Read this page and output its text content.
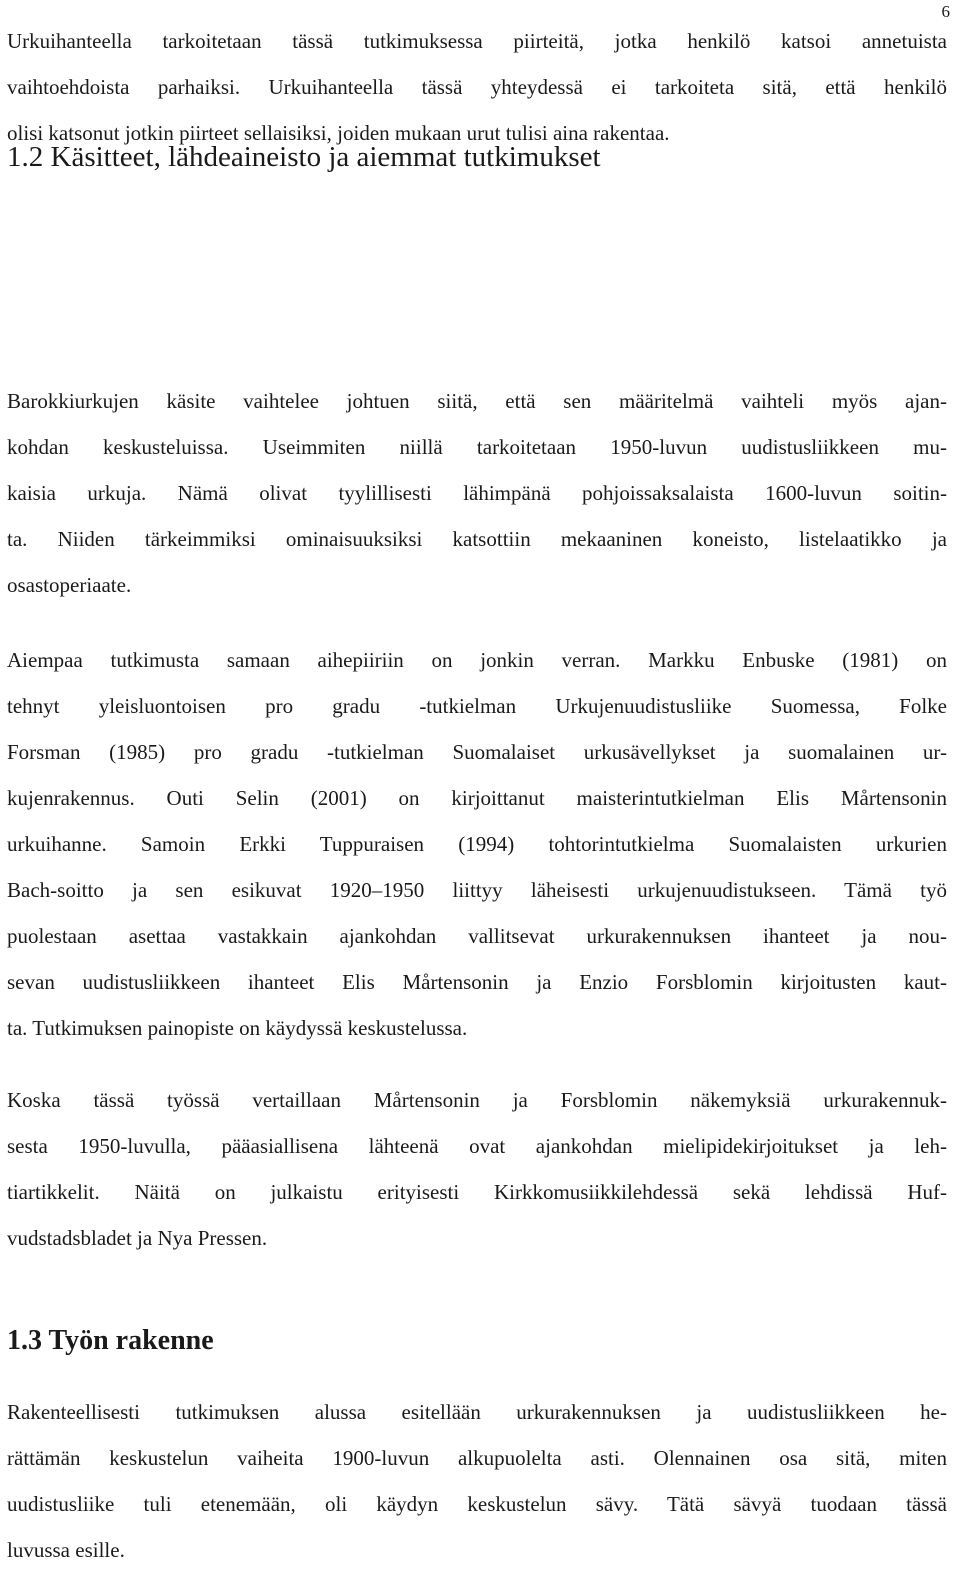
6
1.2 Käsitteet, lähdeaineisto ja aiemmat tutkimukset
Urkuihanteella tarkoitetaan tässä tutkimuksessa piirteitä, jotka henkilö katsoi annetuista
vaihtoehdoista parhaiksi. Urkuihanteella tässä yhteydessä ei tarkoiteta sitä, että henkilö
olisi katsonut jotkin piirteet sellaisiksi, joiden mukaan urut tulisi aina rakentaa.
Barokkiurkujen käsite vaihtelee johtuen siitä, että sen määritelmä vaihteli myös ajan-
kohdan keskusteluissa. Useimmiten niillä tarkoitetaan 1950-luvun uudistusliikkeen mu-
kaisia urkuja. Nämä olivat tyylillisesti lähimpänä pohjoissaksalaista 1600-luvun soitin-
ta. Niiden tärkeimmiksi ominaisuuksiksi katsottiin mekaaninen koneisto, listelaatikko ja
osastoperiaate.
Aiempaa tutkimusta samaan aihepiiriin on jonkin verran. Markku Enbuske (1981) on
tehnyt yleisluontoisen pro gradu -tutkielman Urkujenuudistusliike Suomessa, Folke
Forsman (1985) pro gradu -tutkielman Suomalaiset urkusävellykset ja suomalainen ur-
kujenrakennus. Outi Selin (2001) on kirjoittanut maisterintutkielman Elis Mårtensonin
urkuihanne. Samoin Erkki Tuppuraisen (1994) tohtorintutkielma Suomalaisten urkurien
Bach-soitto ja sen esikuvat 1920–1950 liittyy läheisesti urkujenuudistukseen. Tämä työ
puolestaan asettaa vastakkain ajankohdan vallitsevat urkurakennuksen ihanteet ja nou-
sevan uudistusliikkeen ihanteet Elis Mårtensonin ja Enzio Forsblomin kirjoitusten kaut-
ta. Tutkimuksen painopiste on käydyssä keskustelussa.
Koska tässä työssä vertaillaan Mårtensonin ja Forsblomin näkemyksiä urkurakennuk-
sesta 1950-luvulla, pääasiallisena lähteenä ovat ajankohdan mielipidekirjoitukset ja leh-
tiartikkelit. Näitä on julkaistu erityisesti Kirkkomusiikkilehdessä sekä lehdissä Huf-
vudstadsbladet ja Nya Pressen.
1.3 Työn rakenne
Rakenteellisesti tutkimuksen alussa esitellään urkurakennuksen ja uudistusliikkeen he-
rättämän keskustelun vaiheita 1900-luvun alkupuolelta asti. Olennainen osa sitä, miten
uudistusliike tuli etenemään, oli käydyn keskustelun sävy. Tätä sävyä tuodaan tässä
luvussa esille.
